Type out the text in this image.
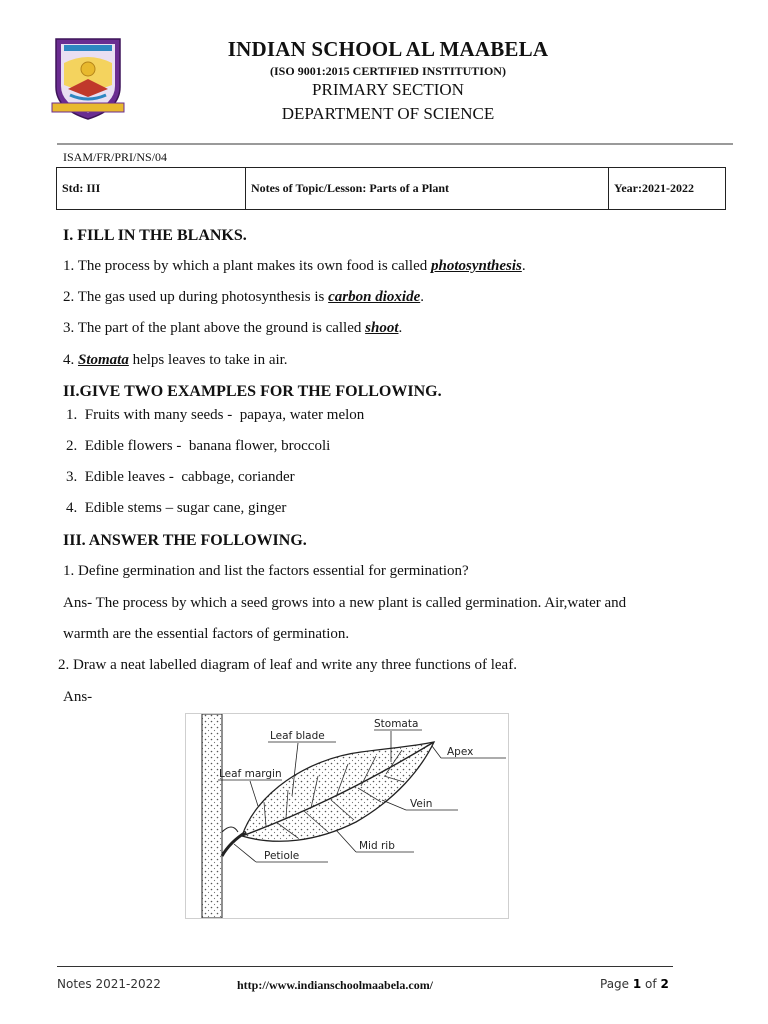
INDIAN SCHOOL AL MAABELA
(ISO 9001:2015 CERTIFIED INSTITUTION)
PRIMARY SECTION
DEPARTMENT OF SCIENCE
ISAM/FR/PRI/NS/04
Std: III	Notes of Topic/Lesson: Parts of a Plant	Year:2021-2022
I. FILL IN THE BLANKS.
1. The process by which a plant makes its own food is called photosynthesis.
2. The gas used up during photosynthesis is carbon dioxide.
3. The part of the plant above the ground is called shoot.
4. Stomata helps leaves to take in air.
II.GIVE TWO EXAMPLES FOR THE FOLLOWING.
1.  Fruits with many seeds -  papaya, water melon
2.  Edible flowers -  banana flower, broccoli
3.  Edible leaves -  cabbage, coriander
4.  Edible stems – sugar cane, ginger
III. ANSWER THE FOLLOWING.
1. Define germination and list the factors essential for germination?
Ans- The process by which a seed grows into a new plant is called germination. Air,water and
warmth are the essential factors of germination.
2. Draw a neat labelled diagram of leaf and write any three functions of leaf.
Ans-
Stomata
Leaf blade
Apex
Leaf margin
Vein
Mid rib
Petiole
Notes 2021-2022	http://www.indianschoolmaabela.com/	Page 1 of 2
